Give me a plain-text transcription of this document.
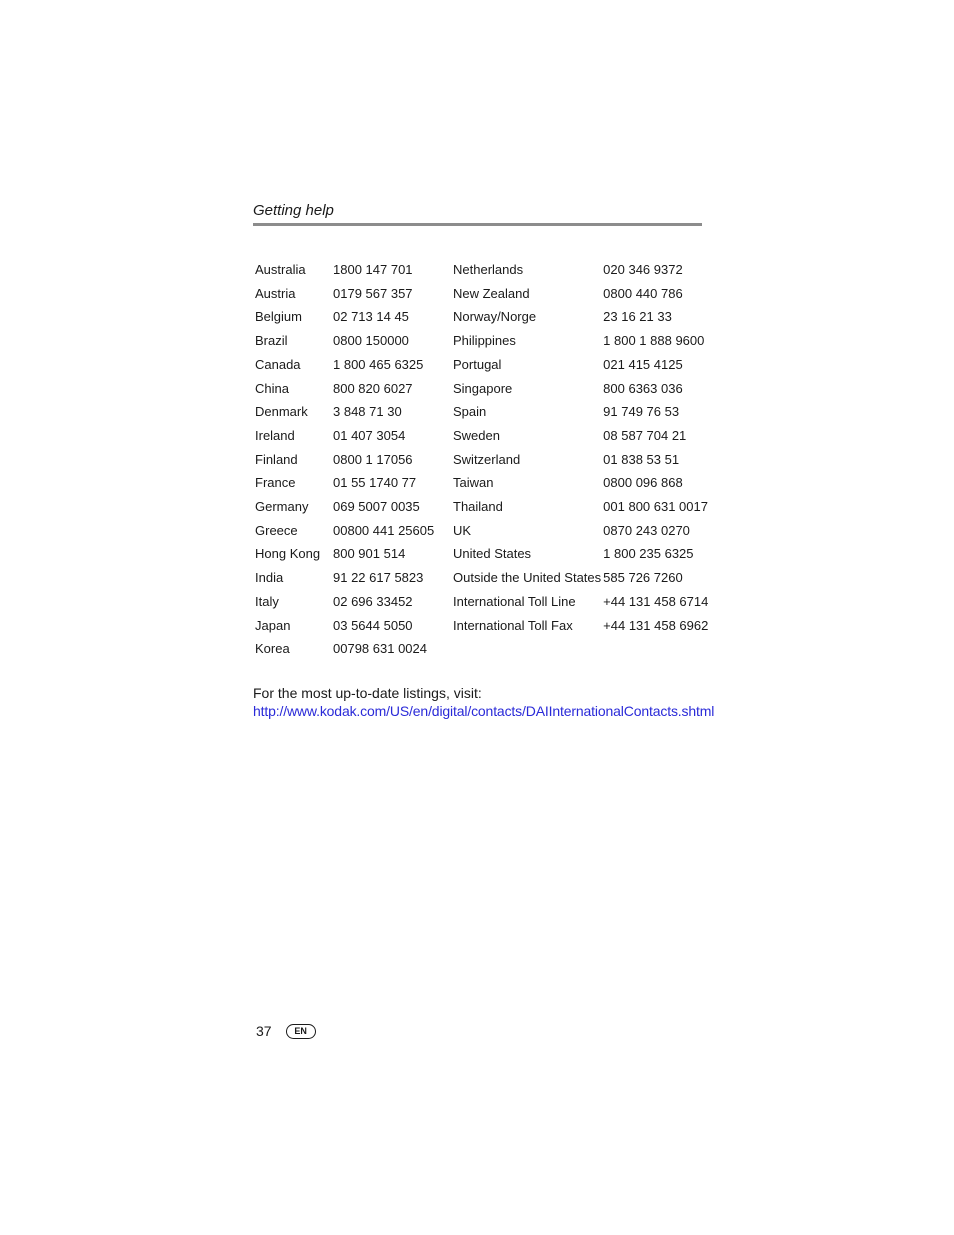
Getting help
Australia	1800 147 701	Netherlands	020 346 9372
Austria	0179 567 357	New Zealand	0800 440 786
Belgium	02 713 14 45	Norway/Norge	23 16 21 33
Brazil	0800 150000	Philippines	1 800 1 888 9600
Canada	1 800 465 6325	Portugal	021 415 4125
China	800 820 6027	Singapore	800 6363 036
Denmark	3 848 71 30	Spain	91 749 76 53
Ireland	01 407 3054	Sweden	08 587 704 21
Finland	0800 1 17056	Switzerland	01 838 53 51
France	01 55 1740 77	Taiwan	0800 096 868
Germany	069 5007 0035	Thailand	001 800 631 0017
Greece	00800 441 25605	UK	0870 243 0270
Hong Kong	800 901 514	United States	1 800 235 6325
India	91 22 617 5823	Outside the United States	585 726 7260
Italy	02 696 33452	International Toll Line	+44 131 458 6714
Japan	03 5644 5050	International Toll Fax	+44 131 458 6962
Korea	00798 631 0024		
For the most up-to-date listings, visit:
http://www.kodak.com/US/en/digital/contacts/DAIInternationalContacts.shtml
37	EN
